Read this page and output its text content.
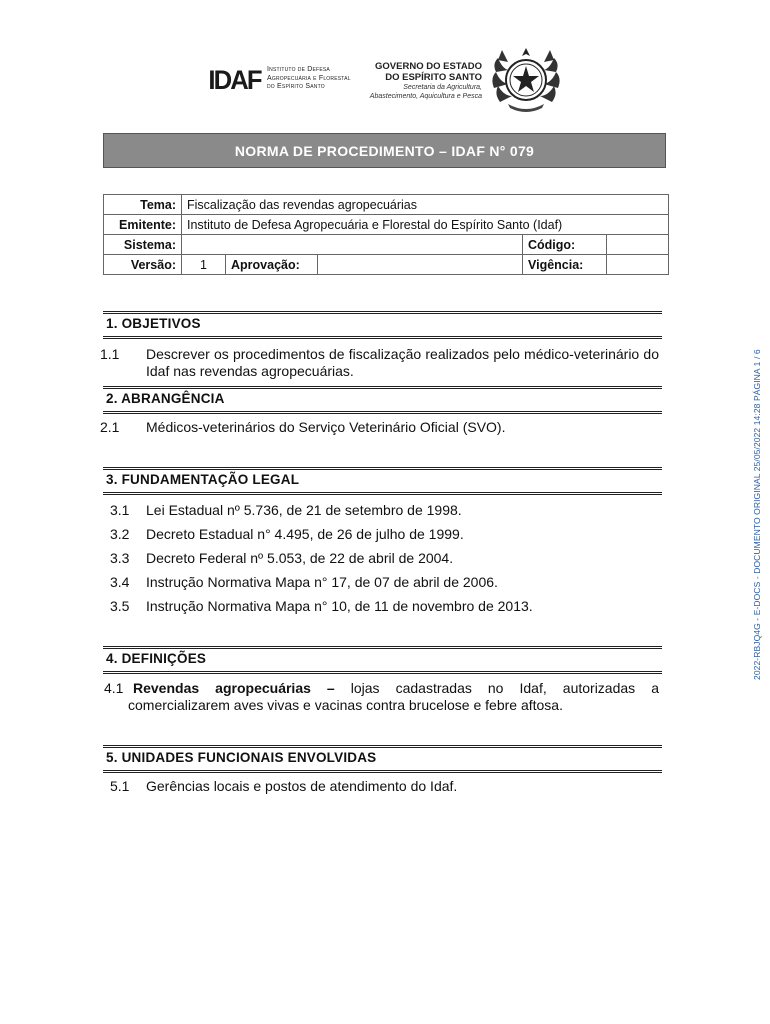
IDAF Instituto de Defesa
Agropecuária e Florestal
do Espírito Santo
GOVERNO DO ESTADO
DO ESPÍRITO SANTO
Secretaria da Agricultura,
Abastecimento, Aquicultura e Pesca
NORMA DE PROCEDIMENTO – IDAF N° 079
Tema:	Fiscalização das revendas agropecuárias				
Emitente:	Instituto de Defesa Agropecuária e Florestal do Espírito Santo (Idaf)				
Sistema:				Código:	
Versão:	1	Aprovação:		Vigência:	
1. OBJETIVOS
1.1 Descrever os procedimentos de fiscalização realizados pelo médico-veterinário do Idaf nas revendas agropecuárias.
2. ABRANGÊNCIA
2.1 Médicos-veterinários do Serviço Veterinário Oficial (SVO).
3. FUNDAMENTAÇÃO LEGAL
3.1 Lei Estadual nº 5.736, de 21 de setembro de 1998.
3.2 Decreto Estadual n° 4.495, de 26 de julho de 1999.
3.3 Decreto Federal nº 5.053, de 22 de abril de 2004.
3.4 Instrução Normativa Mapa n° 17, de 07 de abril de 2006.
3.5 Instrução Normativa Mapa n° 10, de 11 de novembro de 2013.
4. DEFINIÇÕES
4.1 Revendas agropecuárias – lojas cadastradas no Idaf, autorizadas a comercializarem aves vivas e vacinas contra brucelose e febre aftosa.
5. UNIDADES FUNCIONAIS ENVOLVIDAS
5.1 Gerências locais e postos de atendimento do Idaf.
2022-RBJQ4G - E-DOCS - DOCUMENTO ORIGINAL 25/05/2022 14:28 PÁGINA 1 / 6
